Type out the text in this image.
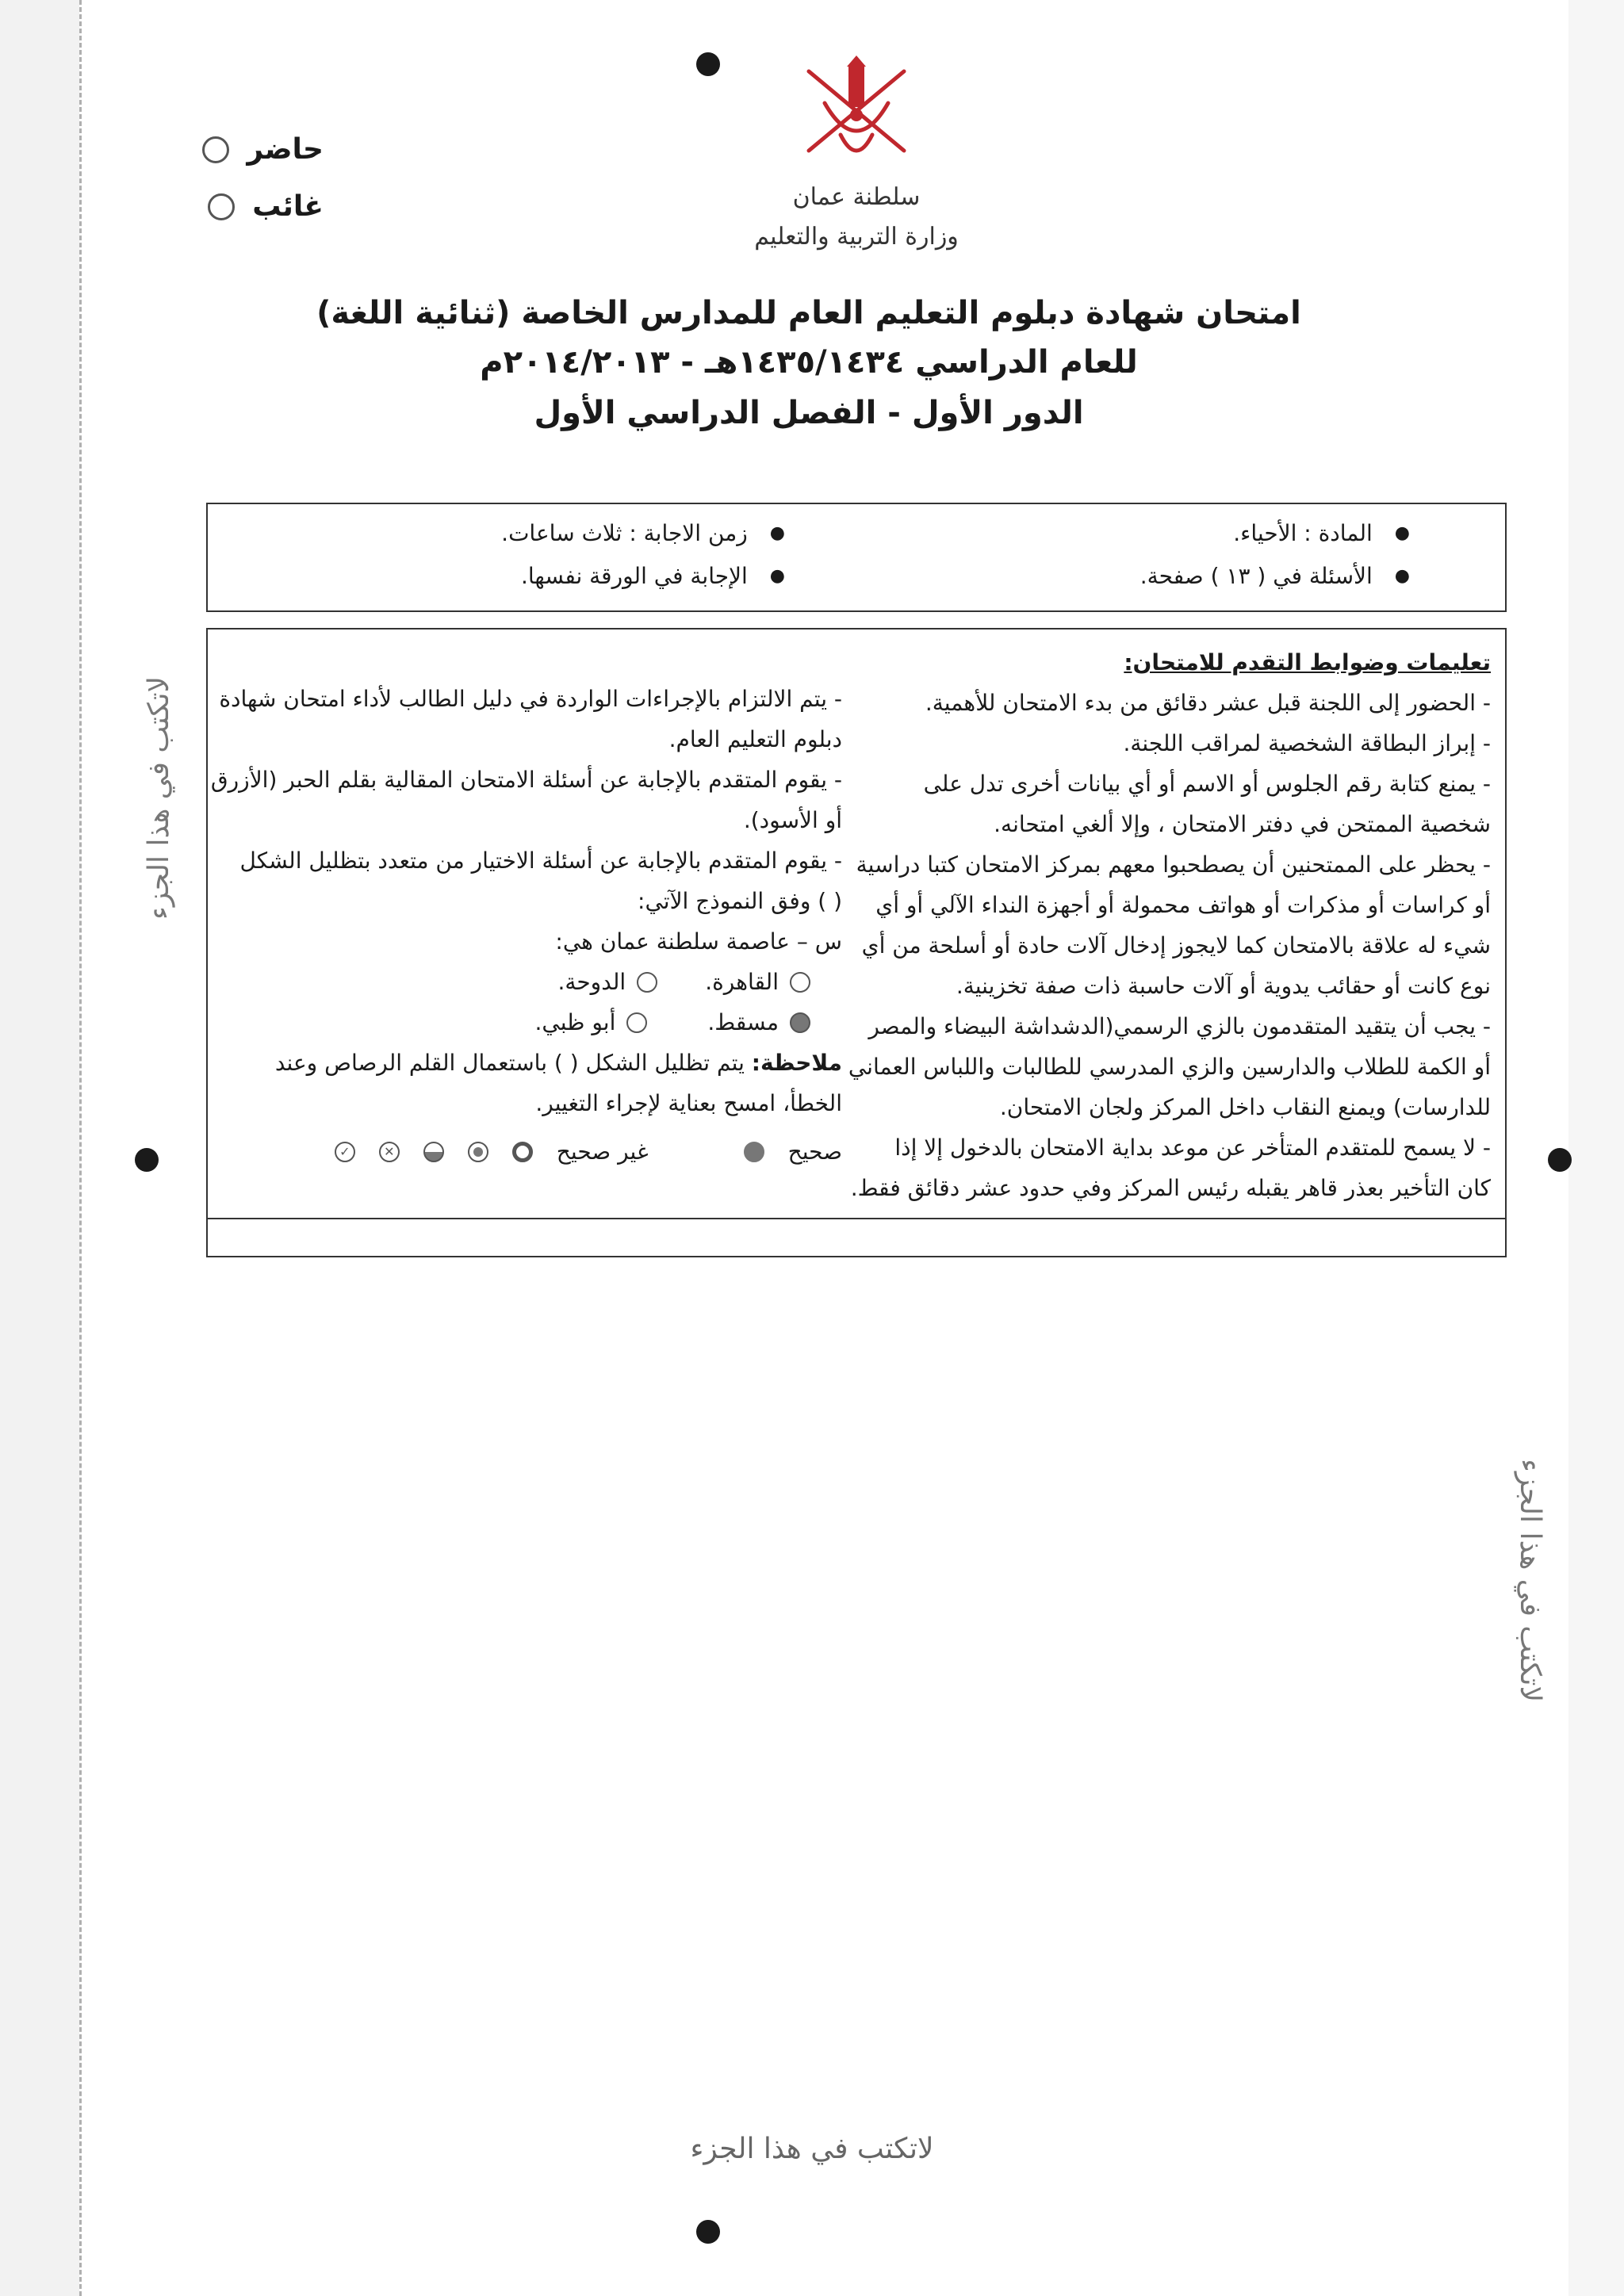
حاضر
غائب	سلطنة عمان
وزارة التربية والتعليم
امتحان شهادة دبلوم التعليم العام للمدارس الخاصة (ثنائية اللغة)
للعام الدراسي ١٤٣٥/١٤٣٤هـ - ٢٠١٤/٢٠١٣م
الدور الأول - الفصل الدراسي الأول
●
المادة : الأحياء.
●
الأسئلة في ( ١٣ ) صفحة.
●
زمن الاجابة : ثلاث ساعات.
●
الإجابة في الورقة نفسها.
تعليمات وضوابط التقدم للامتحان:
- الحضور إلى اللجنة قبل عشر دقائق من بدء الامتحان للأهمية.
- إبراز البطاقة الشخصية لمراقب اللجنة.
- يمنع كتابة رقم الجلوس أو الاسم أو أي بيانات أخرى تدل على
شخصية الممتحن في دفتر الامتحان ، وإلا ألغي امتحانه.
- يحظر على الممتحنين أن يصطحبوا معهم بمركز الامتحان كتبا دراسية
أو كراسات أو مذكرات أو هواتف محمولة أو أجهزة النداء الآلي أو أي
شيء له علاقة بالامتحان كما لايجوز إدخال آلات حادة أو أسلحة من أي
نوع كانت أو حقائب يدوية أو آلات حاسبة ذات صفة تخزينية.
- يجب أن يتقيد المتقدمون بالزي الرسمي(الدشداشة البيضاء والمصر
أو الكمة للطلاب والدارسين والزي المدرسي للطالبات واللباس العماني
للدارسات) ويمنع النقاب داخل المركز ولجان الامتحان.
- لا يسمح للمتقدم المتأخر عن موعد بداية الامتحان بالدخول إلا إذا
كان التأخير بعذر قاهر يقبله رئيس المركز وفي حدود عشر دقائق فقط.
- يتم الالتزام بالإجراءات الواردة في دليل الطالب لأداء امتحان شهادة
دبلوم التعليم العام.
- يقوم المتقدم بالإجابة عن أسئلة الامتحان المقالية بقلم الحبر (الأزرق
أو الأسود).
- يقوم المتقدم بالإجابة عن أسئلة الاختيار من متعدد بتظليل الشكل
( ) وفق النموذج الآتي:
س – عاصمة سلطنة عمان هي:
القاهرة.
الدوحة.
مسقط.
أبو ظبي.
ملاحظة: يتم تظليل الشكل ( ) باستعمال القلم الرصاص وعند
الخطأ، امسح بعناية لإجراء التغيير.
صحيح
غير صحيح
✕
✓
لاتكتب في هذا الجزء
لاتكتب في هذا الجزء
لاتكتب في هذا الجزء
